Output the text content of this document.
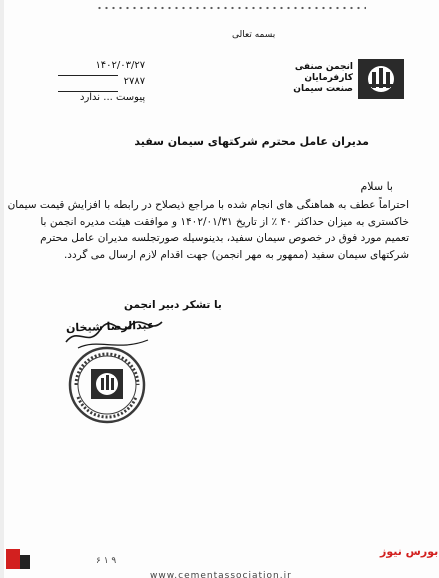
بسمه تعالی
انجمن صنفی
کارفرمایان
صنعت سیمان
۱۴۰۲/۰۳/۲۷
۲۷۸۷
پیوست ... ندارد
مدیران عامل محترم شرکتهای سیمان سفید
با سلام
احتراماً عطف به هماهنگی های انجام شده با مراجع ذیصلاح در رابطه با افزایش قیمت سیمان
خاکستری به میزان حداکثر ۴۰ ٪ از تاریخ ۱۴۰۲/۰۱/۳۱ و موافقت هیئت مدیره انجمن با
تعمیم مورد فوق در خصوص سیمان سفید، بدینوسیله صورتجلسه مدیران عامل محترم
شرکتهای سیمان سفید (ممهور به مهر انجمن) جهت اقدام لازم ارسال می گردد.
با تشکر دبیر انجمن
عبدالرضا شیخان
۶ ۱ ۹
www.cementassociation.ir
بورس نیوز
